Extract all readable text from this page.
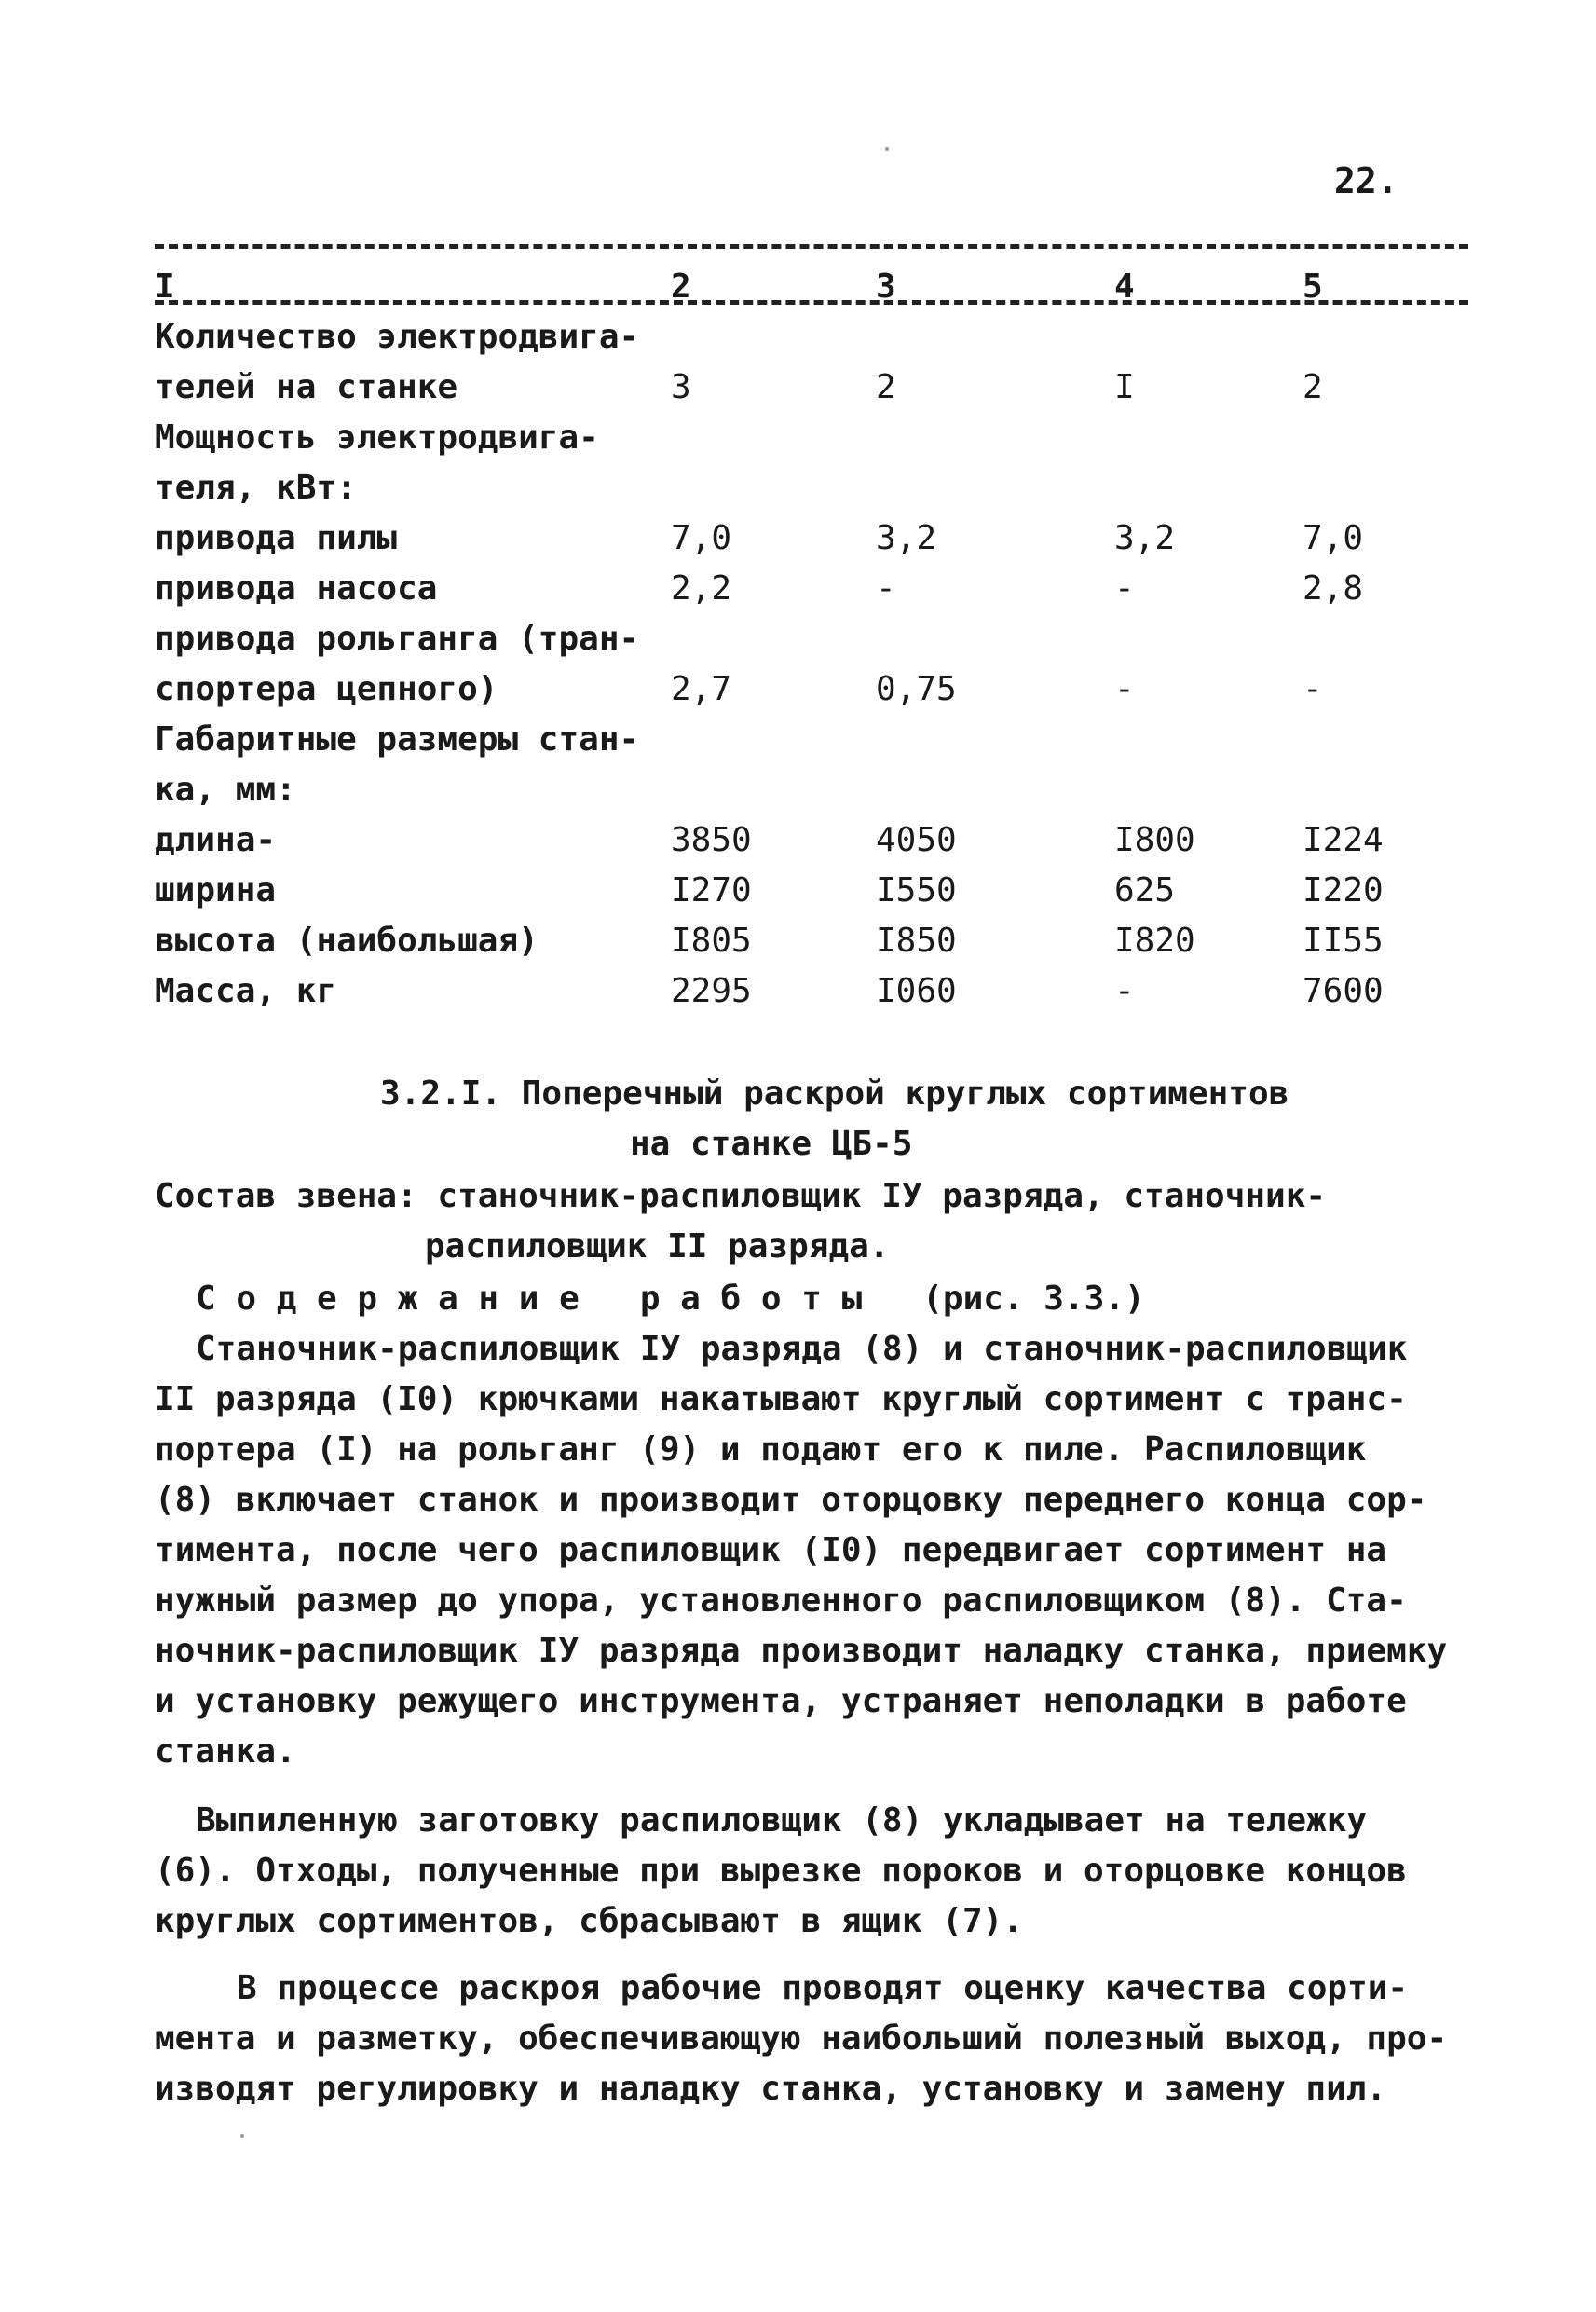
22.
I	2	3	4	5
Количество электродвига-
телей на станке	3	2	I	2
Мощность электродвига-
теля, кВт:
привода пилы	7,0	3,2	3,2	7,0
привода насоса	2,2	-	-	2,8
привода рольганга (тран-
спортера цепного)	2,7	0,75	-	-
Габаритные размеры стан-
ка, мм:
длина-	3850	4050	I800	I224
ширина	I270	I550	625	I220
высота (наибольшая)	I805	I850	I820	II55
Масса, кг	2295	I060	-	7600
3.2.I. Поперечный раскрой круглых сортиментов
на станке ЦБ-5
Состав звена: станочник-распиловщик IУ разряда, станочник-
распиловщик II разряда.
С о д е р ж а н и е   р а б о т ы   (рис. 3.3.)
Станочник-распиловщик IУ разряда (8) и станочник-распиловщик
II разряда (I0) крючками накатывают круглый сортимент с транс-
портера (I) на рольганг (9) и подают его к пиле. Распиловщик
(8) включает станок и производит оторцовку переднего конца сор-
тимента, после чего распиловщик (I0) передвигает сортимент на
нужный размер до упора, установленного распиловщиком (8). Ста-
ночник-распиловщик IУ разряда производит наладку станка, приемку
и установку режущего инструмента, устраняет неполадки в работе
станка.
Выпиленную заготовку распиловщик (8) укладывает на тележку
(6). Отходы, полученные при вырезке пороков и оторцовке концов
круглых сортиментов, сбрасывают в ящик (7).
В процессе раскроя рабочие проводят оценку качества сорти-
мента и разметку, обеспечивающую наибольший полезный выход, про-
изводят регулировку и наладку станка, установку и замену пил.
